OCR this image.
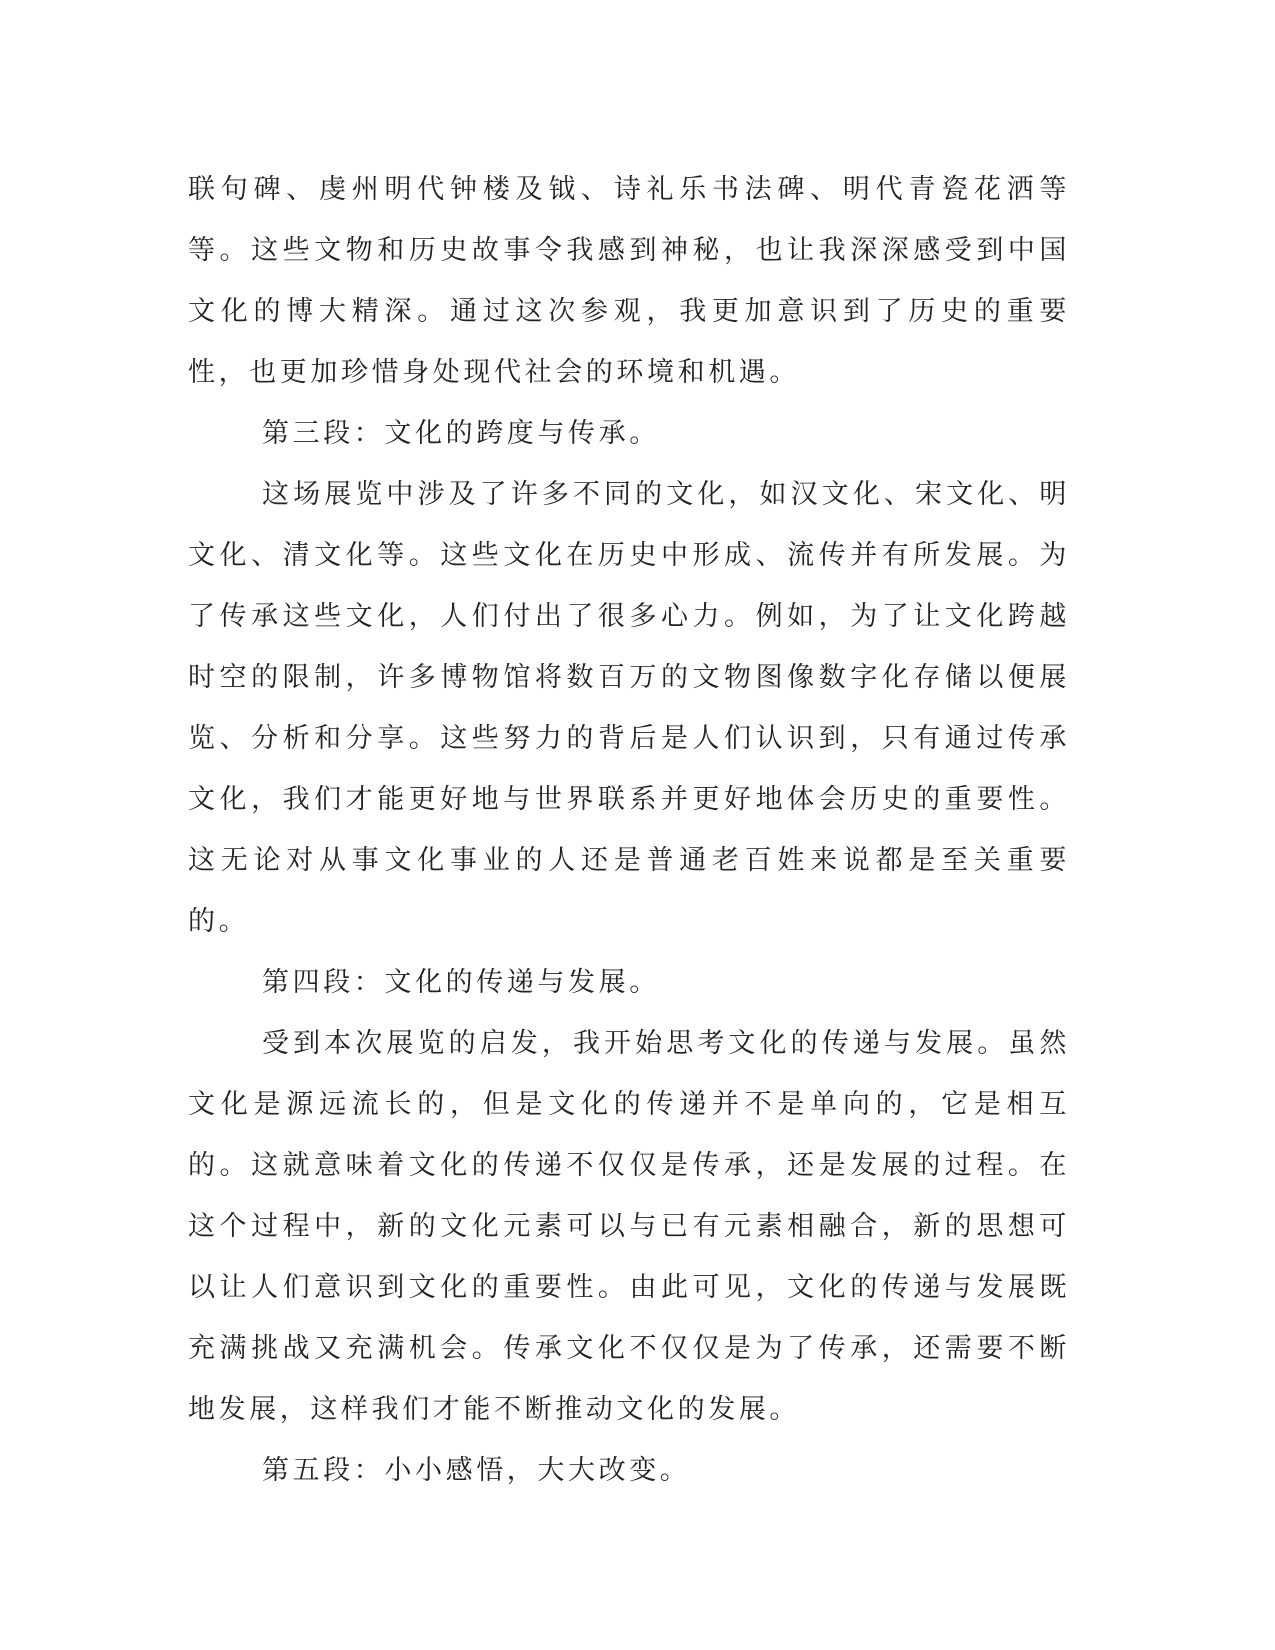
联句碑、虔州明代钟楼及钺、诗礼乐书法碑、明代青瓷花洒等等。这些文物和历史故事令我感到神秘，也让我深深感受到中国文化的博大精深。通过这次参观，我更加意识到了历史的重要性，也更加珍惜身处现代社会的环境和机遇。

第三段：文化的跨度与传承。

这场展览中涉及了许多不同的文化，如汉文化、宋文化、明文化、清文化等。这些文化在历史中形成、流传并有所发展。为了传承这些文化，人们付出了很多心力。例如，为了让文化跨越时空的限制，许多博物馆将数百万的文物图像数字化存储以便展览、分析和分享。这些努力的背后是人们认识到，只有通过传承文化，我们才能更好地与世界联系并更好地体会历史的重要性。这无论对从事文化事业的人还是普通老百姓来说都是至关重要的。

第四段：文化的传递与发展。

受到本次展览的启发，我开始思考文化的传递与发展。虽然文化是源远流长的，但是文化的传递并不是单向的，它是相互的。这就意味着文化的传递不仅仅是传承，还是发展的过程。在这个过程中，新的文化元素可以与已有元素相融合，新的思想可以让人们意识到文化的重要性。由此可见，文化的传递与发展既充满挑战又充满机会。传承文化不仅仅是为了传承，还需要不断地发展，这样我们才能不断推动文化的发展。

第五段：小小感悟，大大改变。
